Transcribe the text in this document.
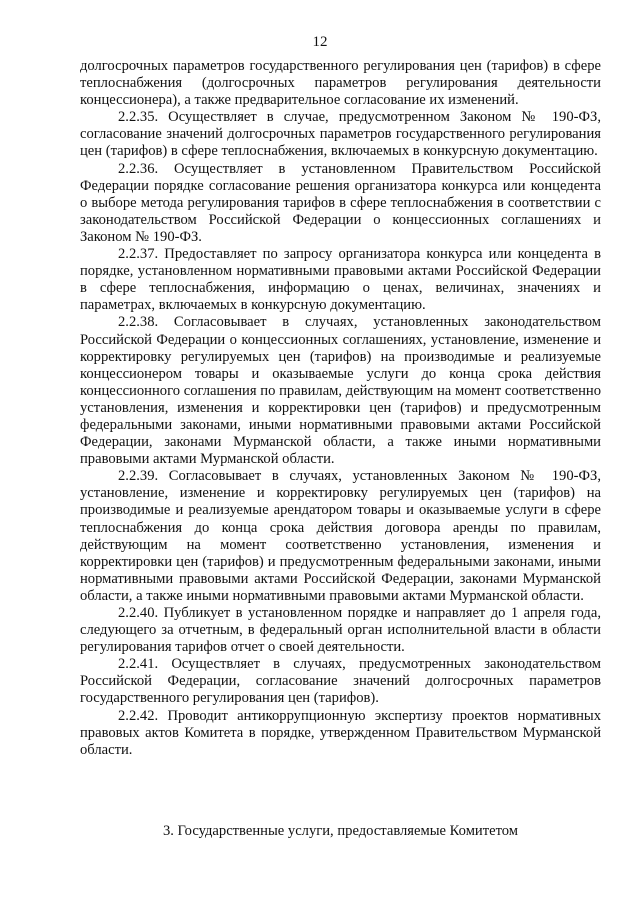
12

долгосрочных параметров государственного регулирования цен (тарифов) в сфере теплоснабжения (долгосрочных параметров регулирования деятельности концессионера), а также предварительное согласование их изменений.

2.2.35. Осуществляет в случае, предусмотренном Законом № 190-ФЗ, согласование значений долгосрочных параметров государственного регулирования цен (тарифов) в сфере теплоснабжения, включаемых в конкурсную документацию.

2.2.36. Осуществляет в установленном Правительством Российской Федерации порядке согласование решения организатора конкурса или концедента о выборе метода регулирования тарифов в сфере теплоснабжения в соответствии с законодательством Российской Федерации о концессионных соглашениях и Законом № 190-ФЗ.

2.2.37. Предоставляет по запросу организатора конкурса или концедента в порядке, установленном нормативными правовыми актами Российской Федерации в сфере теплоснабжения, информацию о ценах, величинах, значениях и параметрах, включаемых в конкурсную документацию.

2.2.38. Согласовывает в случаях, установленных законодательством Российской Федерации о концессионных соглашениях, установление, изменение и корректировку регулируемых цен (тарифов) на производимые и реализуемые концессионером товары и оказываемые услуги до конца срока действия концессионного соглашения по правилам, действующим на момент соответственно установления, изменения и корректировки цен (тарифов) и предусмотренным федеральными законами, иными нормативными правовыми актами Российской Федерации, законами Мурманской области, а также иными нормативными правовыми актами Мурманской области.

2.2.39. Согласовывает в случаях, установленных Законом № 190-ФЗ, установление, изменение и корректировку регулируемых цен (тарифов) на производимые и реализуемые арендатором товары и оказываемые услуги в сфере теплоснабжения до конца срока действия договора аренды по правилам, действующим на момент соответственно установления, изменения и корректировки цен (тарифов) и предусмотренным федеральными законами, иными нормативными правовыми актами Российской Федерации, законами Мурманской области, а также иными нормативными правовыми актами Мурманской области.

2.2.40. Публикует в установленном порядке и направляет до 1 апреля года, следующего за отчетным, в федеральный орган исполнительной власти в области регулирования тарифов отчет о своей деятельности.

2.2.41. Осуществляет в случаях, предусмотренных законодательством Российской Федерации, согласование значений долгосрочных параметров государственного регулирования цен (тарифов).

2.2.42. Проводит антикоррупционную экспертизу проектов нормативных правовых актов Комитета в порядке, утвержденном Правительством Мурманской области.

3. Государственные услуги, предоставляемые Комитетом
